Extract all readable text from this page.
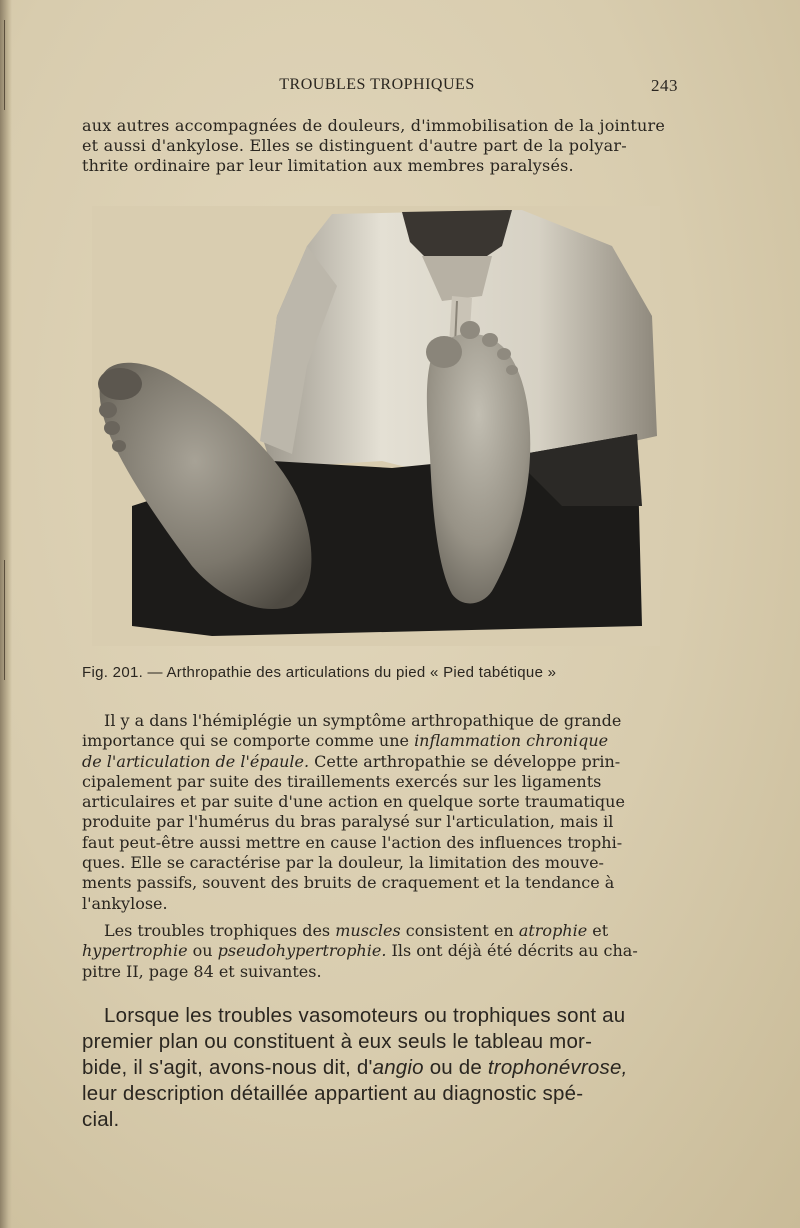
TROUBLES TROPHIQUES	243
aux autres accompagnées de douleurs, d'immobilisation de la jointure
et aussi d'ankylose. Elles se distinguent d'autre part de la polyar-
thrite ordinaire par leur limitation aux membres paralysés.
Fig. 201. — Arthropathie des articulations du pied « Pied tabétique »
Il y a dans l'hémiplégie un symptôme arthropathique de grande
importance qui se comporte comme une inflammation chronique
de l'articulation de l'épaule. Cette arthropathie se développe prin-
cipalement par suite des tiraillements exercés sur les ligaments
articulaires et par suite d'une action en quelque sorte traumatique
produite par l'humérus du bras paralysé sur l'articulation, mais il
faut peut-être aussi mettre en cause l'action des influences trophi-
ques. Elle se caractérise par la douleur, la limitation des mouve-
ments passifs, souvent des bruits de craquement et la tendance à
l'ankylose.
Les troubles trophiques des muscles consistent en atrophie et
hypertrophie ou pseudohypertrophie. Ils ont déjà été décrits au cha-
pitre II, page 84 et suivantes.
Lorsque les troubles vasomoteurs ou trophiques sont au
premier plan ou constituent à eux seuls le tableau mor-
bide, il s'agit, avons-nous dit, d'angio ou de trophonévrose,
leur description détaillée appartient au diagnostic spé-
cial.
